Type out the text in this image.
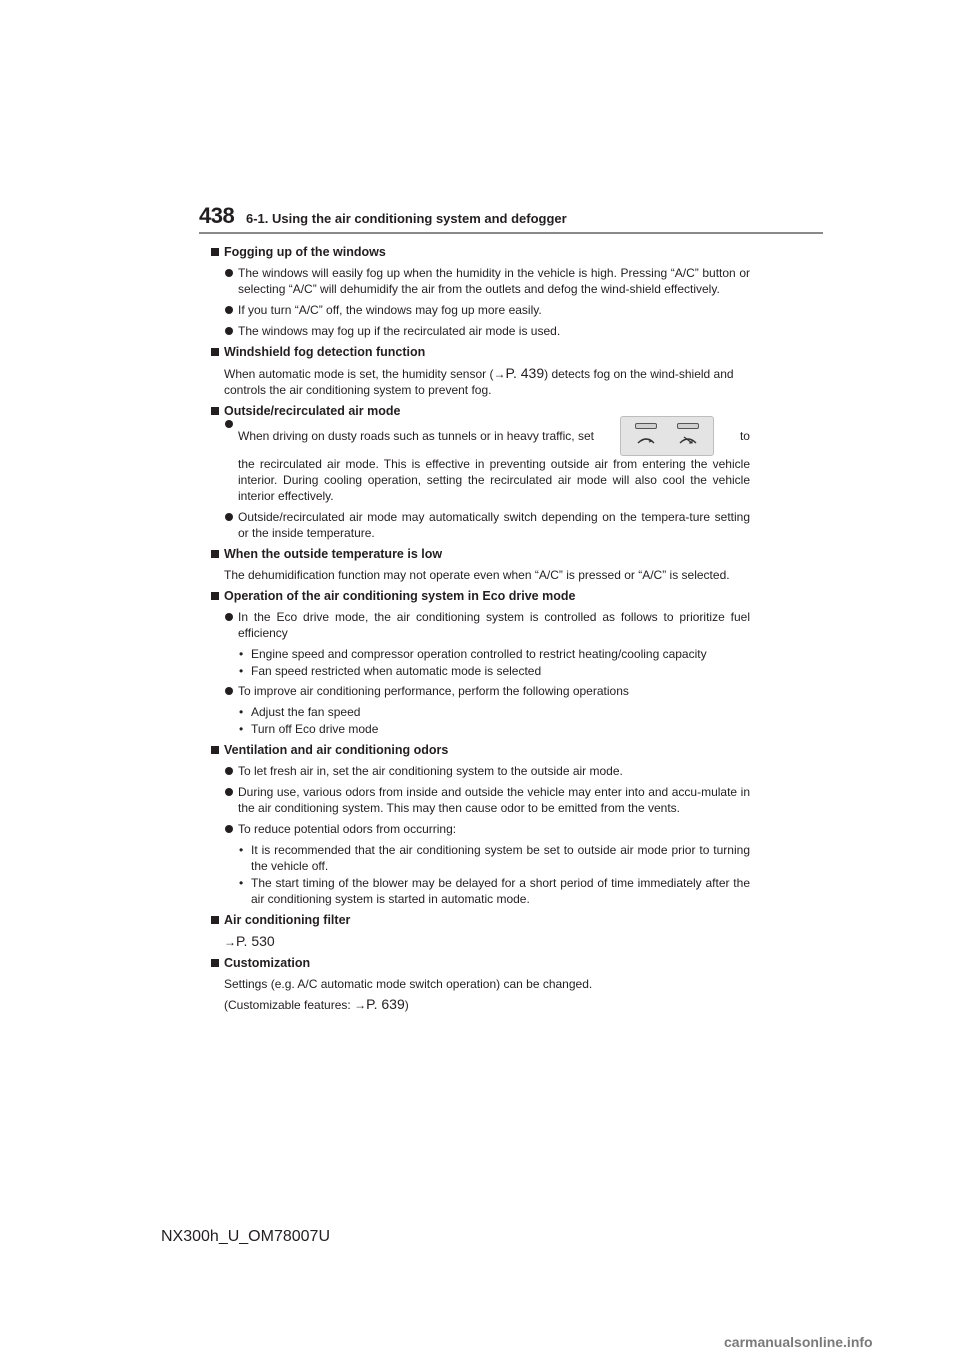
438 6-1. Using the air conditioning system and defogger
Fogging up of the windows
The windows will easily fog up when the humidity in the vehicle is high. Pressing “A/C” button or selecting “A/C” will dehumidify the air from the outlets and defog the wind-shield effectively.
If you turn “A/C” off, the windows may fog up more easily.
The windows may fog up if the recirculated air mode is used.
Windshield fog detection function
When automatic mode is set, the humidity sensor (→P. 439) detects fog on the wind-shield and controls the air conditioning system to prevent fog.
Outside/recirculated air mode
When driving on dusty roads such as tunnels or in heavy traffic, set	to
the recirculated air mode. This is effective in preventing outside air from entering the vehicle interior. During cooling operation, setting the recirculated air mode will also cool the vehicle interior effectively.
Outside/recirculated air mode may automatically switch depending on the tempera-ture setting or the inside temperature.
When the outside temperature is low
The dehumidification function may not operate even when “A/C” is pressed or “A/C” is selected.
Operation of the air conditioning system in Eco drive mode
In the Eco drive mode, the air conditioning system is controlled as follows to prioritize fuel efficiency
• Engine speed and compressor operation controlled to restrict heating/cooling capacity
• Fan speed restricted when automatic mode is selected
To improve air conditioning performance, perform the following operations
• Adjust the fan speed
• Turn off Eco drive mode
Ventilation and air conditioning odors
To let fresh air in, set the air conditioning system to the outside air mode.
During use, various odors from inside and outside the vehicle may enter into and accu-mulate in the air conditioning system. This may then cause odor to be emitted from the vents.
To reduce potential odors from occurring:
• It is recommended that the air conditioning system be set to outside air mode prior to turning the vehicle off.
• The start timing of the blower may be delayed for a short period of time immediately after the air conditioning system is started in automatic mode.
Air conditioning filter
→P. 530
Customization
Settings (e.g. A/C automatic mode switch operation) can be changed.
(Customizable features: →P. 639)
NX300h_U_OM78007U
carmanualsonline.info
